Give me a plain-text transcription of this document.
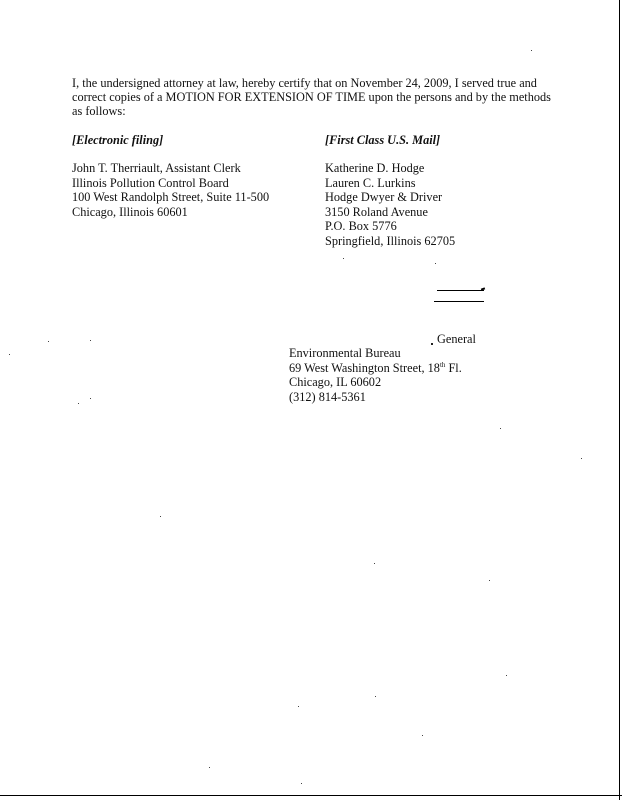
I, the undersigned attorney at law, hereby certify that on November 24, 2009, I served true and
correct copies of a MOTION FOR EXTENSION OF TIME upon the persons and by the methods
as follows:

[Electronic filing]	[First Class U.S. Mail]

John T. Therriault, Assistant Clerk
Illinois Pollution Control Board
100 West Randolph Street, Suite 11-500
Chicago, Illinois 60601
Katherine D. Hodge
Lauren C. Lurkins
Hodge Dwyer & Driver
3150 Roland Avenue
P.O. Box 5776
Springfield, Illinois 62705

General

Environmental Bureau
69 West Washington Street, 18th Fl.
Chicago, IL 60602
(312) 814-5361
